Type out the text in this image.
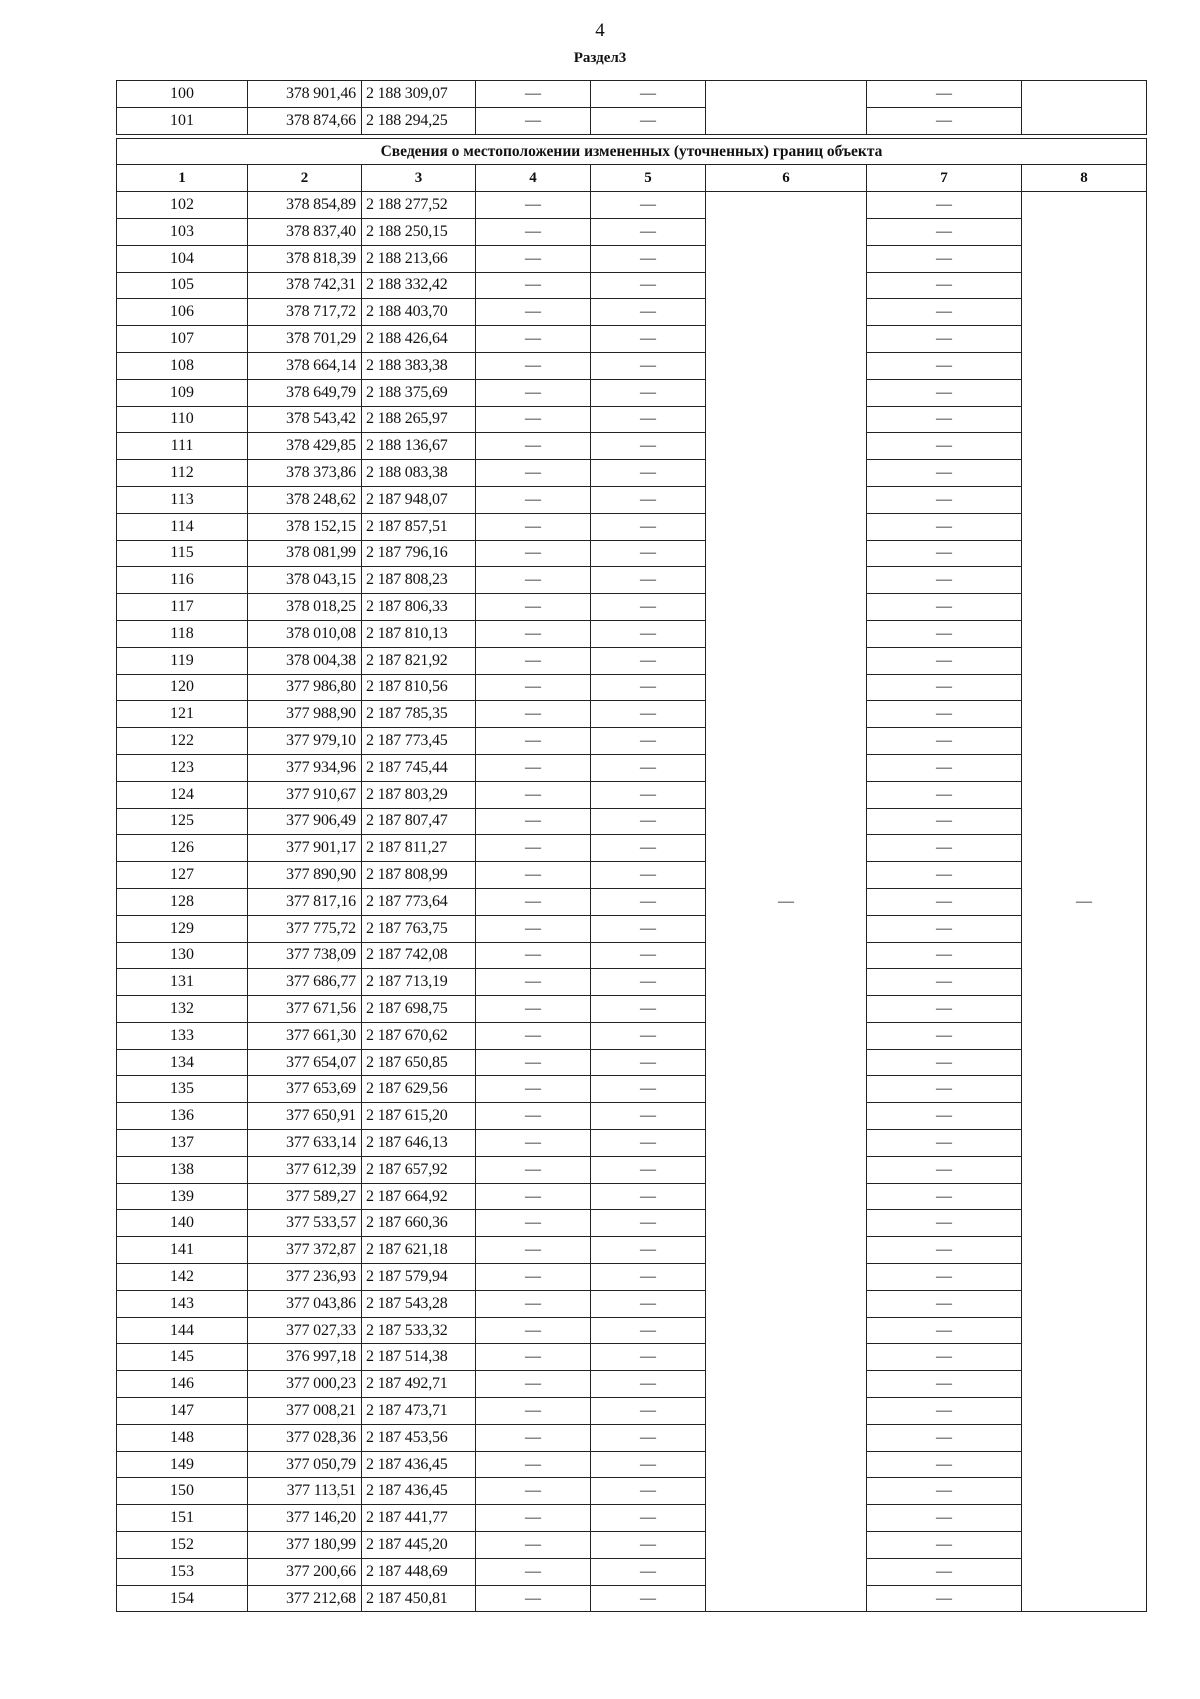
4
Раздел3
100	378 901,46	2 188 309,07	—	—		—	
101	378 874,66	2 188 294,25	—	—		—	

Сведения о местоположении измененных (уточненных) границ объекта							
1	2	3	4	5	6	7	8
102	378 854,89	2 188 277,52	—	—	—	—	—
103	378 837,40	2 188 250,15	—	—		—	
104	378 818,39	2 188 213,66	—	—		—	
105	378 742,31	2 188 332,42	—	—		—	
106	378 717,72	2 188 403,70	—	—		—	
107	378 701,29	2 188 426,64	—	—		—	
108	378 664,14	2 188 383,38	—	—		—	
109	378 649,79	2 188 375,69	—	—		—	
110	378 543,42	2 188 265,97	—	—		—	
111	378 429,85	2 188 136,67	—	—		—	
112	378 373,86	2 188 083,38	—	—		—	
113	378 248,62	2 187 948,07	—	—		—	
114	378 152,15	2 187 857,51	—	—		—	
115	378 081,99	2 187 796,16	—	—		—	
116	378 043,15	2 187 808,23	—	—		—	
117	378 018,25	2 187 806,33	—	—		—	
118	378 010,08	2 187 810,13	—	—		—	
119	378 004,38	2 187 821,92	—	—		—	
120	377 986,80	2 187 810,56	—	—		—	
121	377 988,90	2 187 785,35	—	—		—	
122	377 979,10	2 187 773,45	—	—		—	
123	377 934,96	2 187 745,44	—	—		—	
124	377 910,67	2 187 803,29	—	—		—	
125	377 906,49	2 187 807,47	—	—		—	
126	377 901,17	2 187 811,27	—	—		—	
127	377 890,90	2 187 808,99	—	—		—	
128	377 817,16	2 187 773,64	—	—		—	
129	377 775,72	2 187 763,75	—	—		—	
130	377 738,09	2 187 742,08	—	—		—	
131	377 686,77	2 187 713,19	—	—		—	
132	377 671,56	2 187 698,75	—	—		—	
133	377 661,30	2 187 670,62	—	—		—	
134	377 654,07	2 187 650,85	—	—		—	
135	377 653,69	2 187 629,56	—	—		—	
136	377 650,91	2 187 615,20	—	—		—	
137	377 633,14	2 187 646,13	—	—		—	
138	377 612,39	2 187 657,92	—	—		—	
139	377 589,27	2 187 664,92	—	—		—	
140	377 533,57	2 187 660,36	—	—		—	
141	377 372,87	2 187 621,18	—	—		—	
142	377 236,93	2 187 579,94	—	—		—	
143	377 043,86	2 187 543,28	—	—		—	
144	377 027,33	2 187 533,32	—	—		—	
145	376 997,18	2 187 514,38	—	—		—	
146	377 000,23	2 187 492,71	—	—		—	
147	377 008,21	2 187 473,71	—	—		—	
148	377 028,36	2 187 453,56	—	—		—	
149	377 050,79	2 187 436,45	—	—		—	
150	377 113,51	2 187 436,45	—	—		—	
151	377 146,20	2 187 441,77	—	—		—	
152	377 180,99	2 187 445,20	—	—		—	
153	377 200,66	2 187 448,69	—	—		—	
154	377 212,68	2 187 450,81	—	—		—	
